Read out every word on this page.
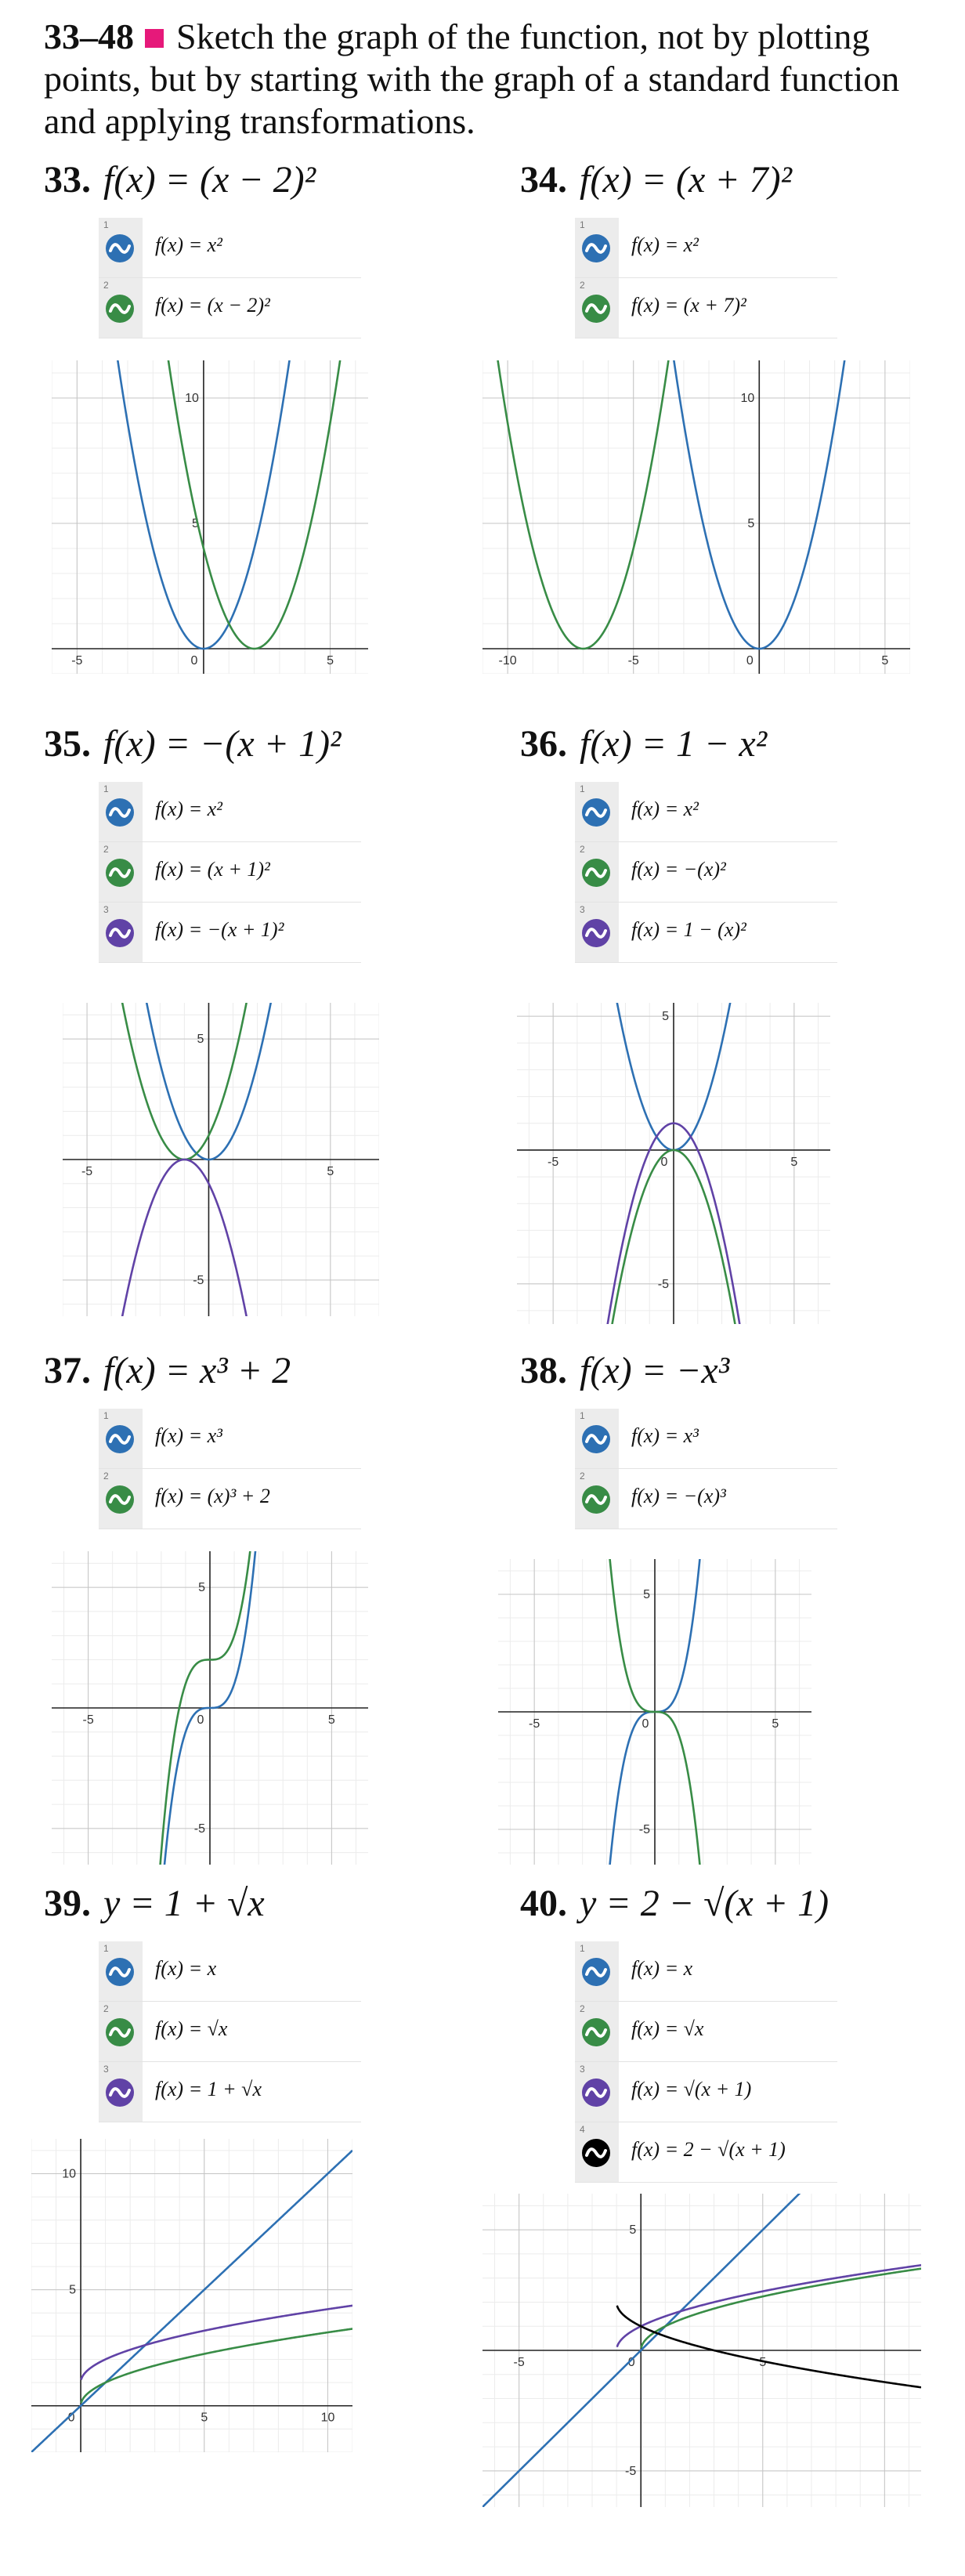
33–48 Sketch the graph of the function, not by plotting points, but by starting with the graph of a standard function and applying transformations.
33. f(x) = (x − 2)²
1
f(x) = x²
2
f(x) = (x − 2)²
34. f(x) = (x + 7)²
1
f(x) = x²
2
f(x) = (x + 7)²
35. f(x) = −(x + 1)²
1
f(x) = x²
2
f(x) = (x + 1)²
3
f(x) = −(x + 1)²
36. f(x) = 1 − x²
1
f(x) = x²
2
f(x) = −(x)²
3
f(x) = 1 − (x)²
37. f(x) = x³ + 2
1
f(x) = x³
2
f(x) = (x)³ + 2
38. f(x) = −x³
1
f(x) = x³
2
f(x) = −(x)³
39. y = 1 + √x
1
f(x) = x
2
f(x) = √x
3
f(x) = 1 + √x
40. y = 2 − √(x + 1)
1
f(x) = x
2
f(x) = √x
3
f(x) = √(x + 1)
4
f(x) = 2 − √(x + 1)
-5	0	5
5
10
-10	-5	0	5
5
10
-5	5
-5
5
-5	0	5
-5
5
-5	0	5
-5
5
-5	0	5
-5
5
0	5	10
5
10
-5	0	5
-5
5
